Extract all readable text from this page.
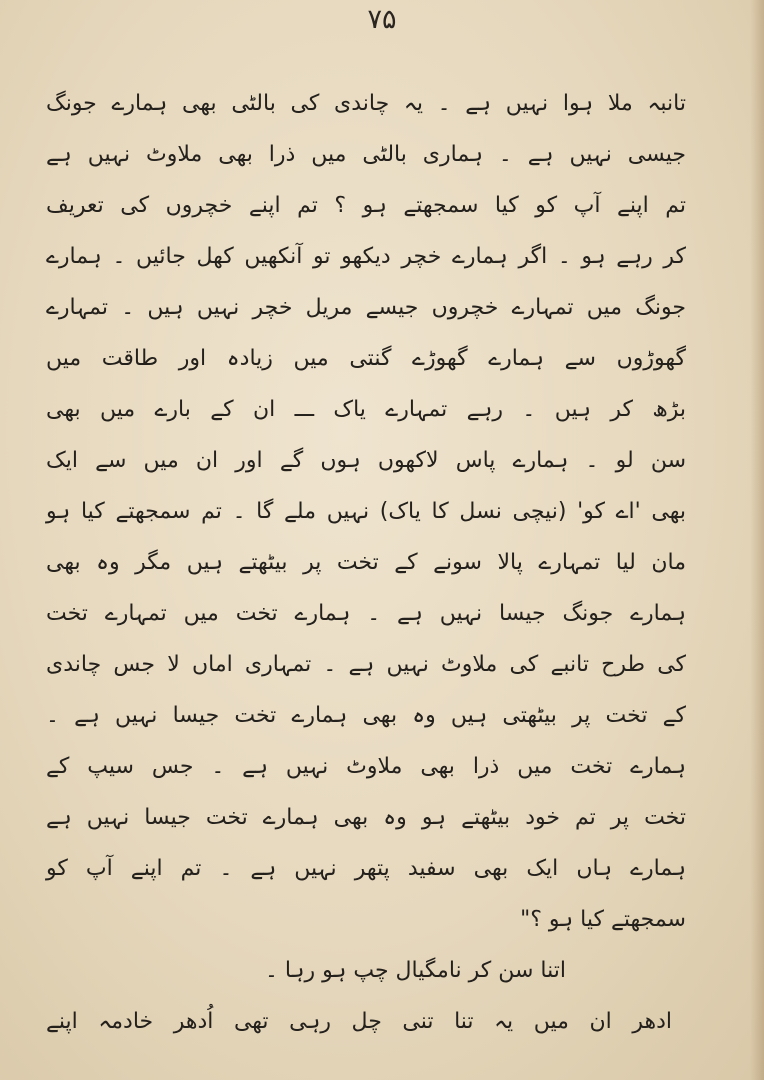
۷۵
تانبہ ملا ہوا نہیں ہے ۔ یہ چاندی کی بالٹی بھی ہمارے جونگ
جیسی نہیں ہے ۔ ہماری بالٹی میں ذرا بھی ملاوٹ نہیں ہے
تم اپنے آپ کو کیا سمجھتے ہو ؟ تم اپنے خچروں کی تعریف
کر رہے ہو ۔ اگر ہمارے خچر دیکھو تو آنکھیں کھل جائیں ۔ ہمارے
جونگ میں تمہارے خچروں جیسے مریل خچر نہیں ہیں ۔ تمہارے
گھوڑوں سے ہمارے گھوڑے گنتی میں زیادہ اور طاقت میں
بڑھ کر ہیں ۔ رہے تمہارے یاک ـــ ان کے بارے میں بھی
سن لو ۔ ہمارے پاس لاکھوں ہوں گے اور ان میں سے ایک
بھی 'اے کو' (نیچی نسل کا یاک) نہیں ملے گا ۔ تم سمجھتے کیا ہو
مان لیا تمہارے پالا سونے کے تخت پر بیٹھتے ہیں مگر وہ بھی
ہمارے جونگ جیسا نہیں ہے ۔ ہمارے تخت میں تمہارے تخت
کی طرح تانبے کی ملاوٹ نہیں ہے ۔ تمہاری اماں لا جس چاندی
کے تخت پر بیٹھتی ہیں وہ بھی ہمارے تخت جیسا نہیں ہے ۔
ہمارے تخت میں ذرا بھی ملاوٹ نہیں ہے ۔ جس سیپ کے
تخت پر تم خود بیٹھتے ہو وہ بھی ہمارے تخت جیسا نہیں ہے
ہمارے ہاں ایک بھی سفید پتھر نہیں ہے ۔ تم اپنے آپ کو
سمجھتے کیا ہو ؟"
اتنا سن کر نامگیال چپ ہو رہا ۔
ادھر ان میں یہ تنا تنی چل رہی تھی اُدھر خادمہ اپنے
